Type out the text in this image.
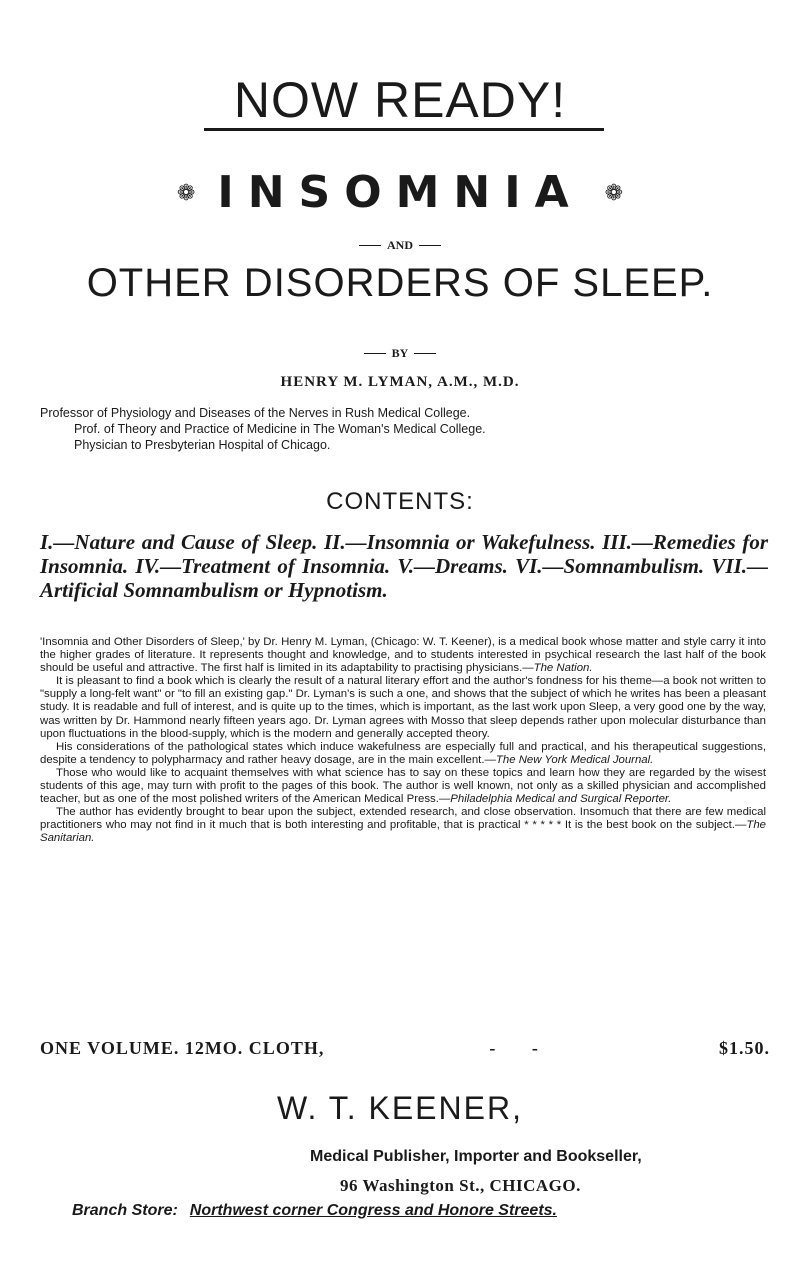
NOW READY!
❁ INSOMNIA ❁
AND
OTHER DISORDERS OF SLEEP.
BY
HENRY M. LYMAN, A.M., M.D.
Professor of Physiology and Diseases of the Nerves in Rush Medical College.
Prof. of Theory and Practice of Medicine in The Woman's Medical College.
Physician to Presbyterian Hospital of Chicago.
CONTENTS:

I.—Nature and Cause of Sleep. II.—Insomnia or Wakefulness. III.—Remedies for Insomnia. IV.—Treatment of Insomnia. V.—Dreams. VI.—Somnambulism. VII.—Artificial Somnambulism or Hypnotism.

'Insomnia and Other Disorders of Sleep,' by Dr. Henry M. Lyman, (Chicago: W. T. Keener), is a medical book whose matter and style carry it into the higher grades of literature. It represents thought and knowledge, and to students interested in psychical research the last half of the book should be useful and attractive. The first half is limited in its adaptability to practising physicians.—The Nation.

It is pleasant to find a book which is clearly the result of a natural literary effort and the author's fondness for his theme—a book not written to "supply a long-felt want" or "to fill an existing gap." Dr. Lyman's is such a one, and shows that the subject of which he writes has been a pleasant study. It is readable and full of interest, and is quite up to the times, which is important, as the last work upon Sleep, a very good one by the way, was written by Dr. Hammond nearly fifteen years ago. Dr. Lyman agrees with Mosso that sleep depends rather upon molecular disturbance than upon fluctuations in the blood-supply, which is the modern and generally accepted theory.

His considerations of the pathological states which induce wakefulness are especially full and practical, and his therapeutical suggestions, despite a tendency to polypharmacy and rather heavy dosage, are in the main excellent.—The New York Medical Journal.

Those who would like to acquaint themselves with what science has to say on these topics and learn how they are regarded by the wisest students of this age, may turn with profit to the pages of this book. The author is well known, not only as a skilled physician and accomplished teacher, but as one of the most polished writers of the American Medical Press.—Philadelphia Medical and Surgical Reporter.

The author has evidently brought to bear upon the subject, extended research, and close observation. Insomuch that there are few medical practitioners who may not find in it much that is both interesting and profitable, that is practical * * * * * It is the best book on the subject.—The Sanitarian.

ONE VOLUME. 12MO. CLOTH,	- -	$1.50.
W. T. KEENER,
Medical Publisher, Importer and Bookseller,
96 Washington St., CHICAGO.
Branch Store: Northwest corner Congress and Honore Streets.
